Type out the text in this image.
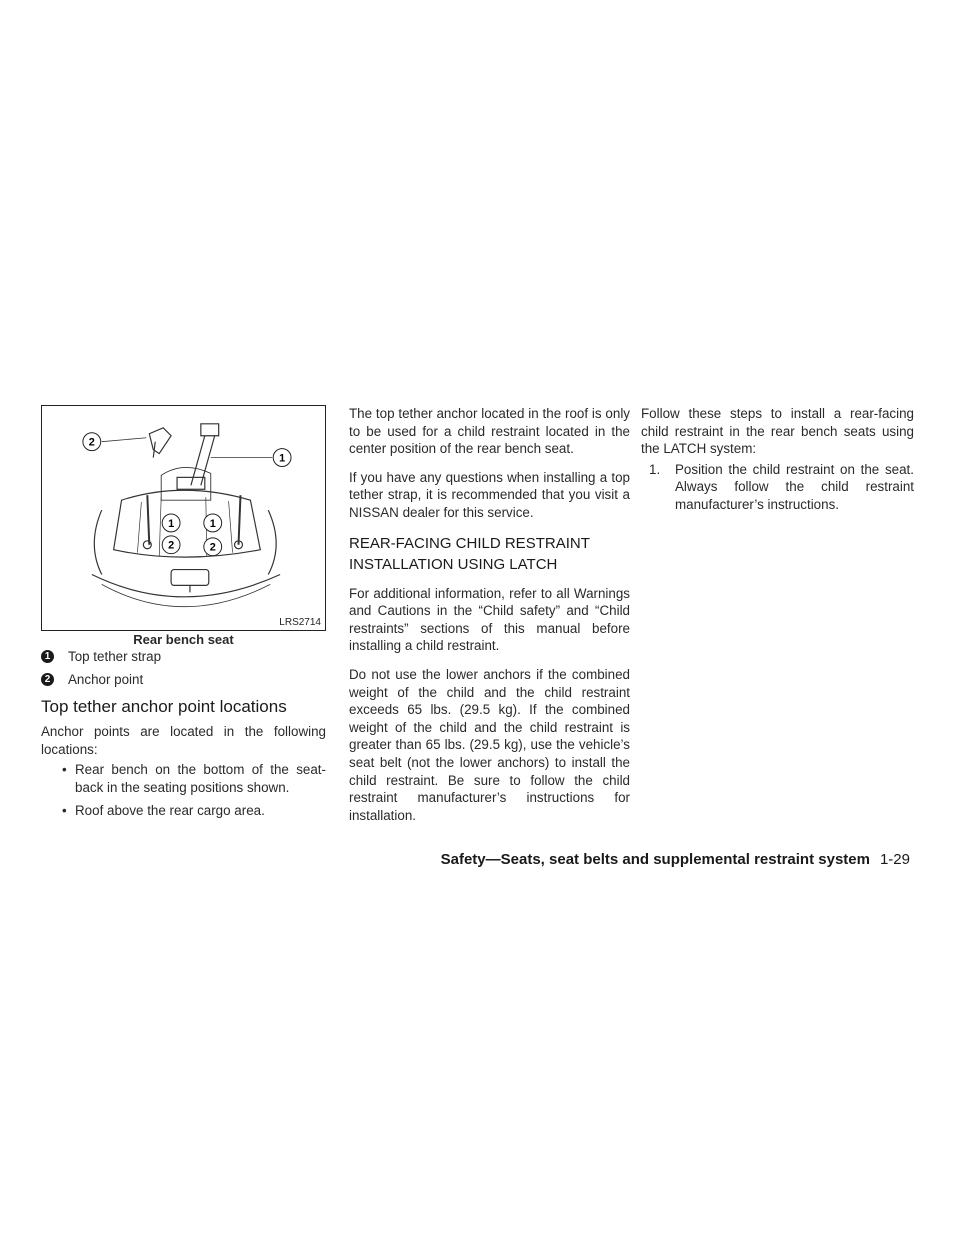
2
1
1	1
2	2
LRS2714
Rear bench seat
1 Top tether strap
2 Anchor point
Top tether anchor point locations

Anchor points are located in the following locations:

• Rear bench on the bottom of the seat-back in the seating positions shown.
• Roof above the rear cargo area.

The top tether anchor located in the roof is only to be used for a child restraint located in the center position of the rear bench seat.

If you have any questions when installing a top tether strap, it is recommended that you visit a NISSAN dealer for this service.

REAR-FACING CHILD RESTRAINT INSTALLATION USING LATCH

For additional information, refer to all Warnings and Cautions in the “Child safety” and “Child restraints” sections of this manual before installing a child restraint.

Do not use the lower anchors if the combined weight of the child and the child restraint exceeds 65 lbs. (29.5 kg). If the combined weight of the child and the child restraint is greater than 65 lbs. (29.5 kg), use the vehicle’s seat belt (not the lower anchors) to install the child restraint. Be sure to follow the child restraint manufacturer’s instructions for installation.

Follow these steps to install a rear-facing child restraint in the rear bench seats using the LATCH system:

1. Position the child restraint on the seat. Always follow the child restraint manufacturer’s instructions.
Safety—Seats, seat belts and supplemental restraint system 1-29
